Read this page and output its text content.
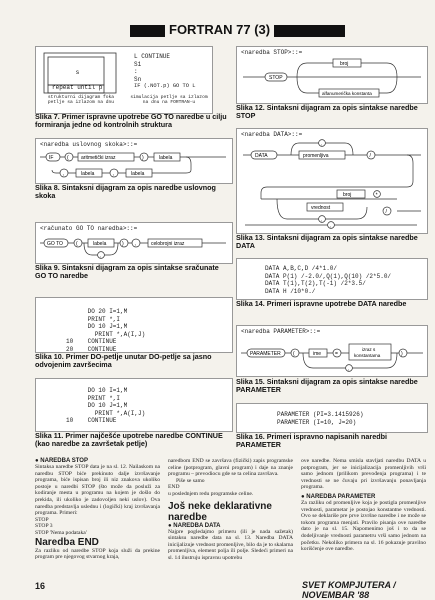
FORTRAN 77 (3)
s
repeat until p
strukturni dijagram foka petlje sa izlazom na dnu
L CONTINUE
S1
:
Sn
IF (.NOT.p) GO TO L
simulacija petlje sa izlazom na dnu na FORTRAN-u
Slika 7. Primer ispravne upotrebe GO TO naredbe u cilju formiranja jedne od kontrolnih struktura
<naredba uslovnog skoka>::=
IF	( aritmetički izraz	)	labela
,	labela	,	labela
Slika 8. Sintaksni dijagram za opis naredbe uslovnog skoka
<računato GO TO naredba>::=
GO TO	(	labela	) ,	celobrojni izraz
,
Slika 9. Sintaksni dijagram za opis sintakse sračunate GO TO naredbe
DO 20 I=1,M
PRINT *,I
DO 10 J=1,M
PRINT *,A(I,J)
10    CONTINUE
20    CONTINUE
Slika 10. Primer DO-petlje unutar DO-petlje sa jasno odvojenim završecima
DO 10 I=1,M
PRINT *,I
DO 10 J=1,M
PRINT *,A(I,J)
10    CONTINUE
Slika 11. Primer najčešće upotrebe naredbe CONTINUE (kao naredbe za završetak petlje)
<naredba STOP>::=
STOP
broj
alfanumerička konstanta
Slika 12. Sintaksni dijagram za opis sintakse naredbe STOP
<naredba DATA>::=
DATA	promenljiva
,
/
broj	*
vrednost
/
,
,
Slika 13. Sintaksni dijagram za opis sintakse naredbe DATA
DATA A,B,C,D /4*1.0/
DATA P(1) /-2.0/,Q(1),Q(10) /2*5.0/
DATA T(1),T(2),T(-1) /2*3.5/
DATA H /10*0./
Slika 14. Primeri ispravne upotrebe DATA naredbe
<naredba PARAMETER>::=
PARAMETER (	ime	=
izraz s
konstantama	)
,
Slika 15. Sintaksni dijagram za opis sintakse naredbe PARAMETER
PARAMETER (PI=3.1415926)
PARAMETER (I=10, J=20)
Slika 16. Primeri ispravno napisanih naredbi PARAMETER
● NAREDBA STOP
Sintaksa naredbe STOP data je na sl. 12. Nailaskom na naredbu STOP biće prekinuto dalje izvršavanje programa, biće ispisan broj ili niz znakova ukoliko postoje u naredbi STOP (što može da posluži za kodiranje mesta u programu na kojem je došlo do prekida, ili ukoliko je zadovoljen neki uslov). Ova naredba predstavlja uslednu i (logički) kraj izvršavanja programa. Primeri:
STOP
STOP 3
STOP 'Nema podataka'
Naredba END
Za razliku od naredbe STOP koja služi da prekine program pre njegovog stvarnog kraja,
naredbom END se završava (fizički) zapis programske celine (potprogram, glavni program) i daje na znanje programu – prevodiocu gde se ta celina završava.
Piše se samo
END
u poslednjem redu programske celine.
Još neke deklarativne naredbe
● NAREDBA DATA
Najpre pogledajmo primeru (ili je nada sažetak) sintaksu naredbe data na sl. 13. Naredba DATA inicijalizuje vrednost promenljive, bilo da je to skalarna promenljiva, element polja ili polje. Sledeći primeri na sl. 14 ilustruju ispravnu upotrebu
ove naredbe. Nema smisla stavljati naredbu DATA u potprogram, jer se inicijalizacija promenljivih vrši samo jednom (prilikom prevođenja programa) i te vrednosti se ne čuvaju pri izvršavanju ponavljanja programa.
● NAREDBA PARAMETER
Za razliku od promenljive koja je postigla promenljive vrednosti, parametar je postojao konstantne vrednosti. Ovo se deklariše pre prve izvršne naredbe i ne može se tokom programa menjati. Pravilo pisanja ove naredbe dato je na sl. 15. Napomenimo još i to da se dodeljivanje vrednosti parametru vrši samo jednom na početku. Nekoliko primera na sl. 16 pokazuje pravilno korišćenje ove naredbe.
16	SVET KOMPJUTERA / NOVEMBAR '88
